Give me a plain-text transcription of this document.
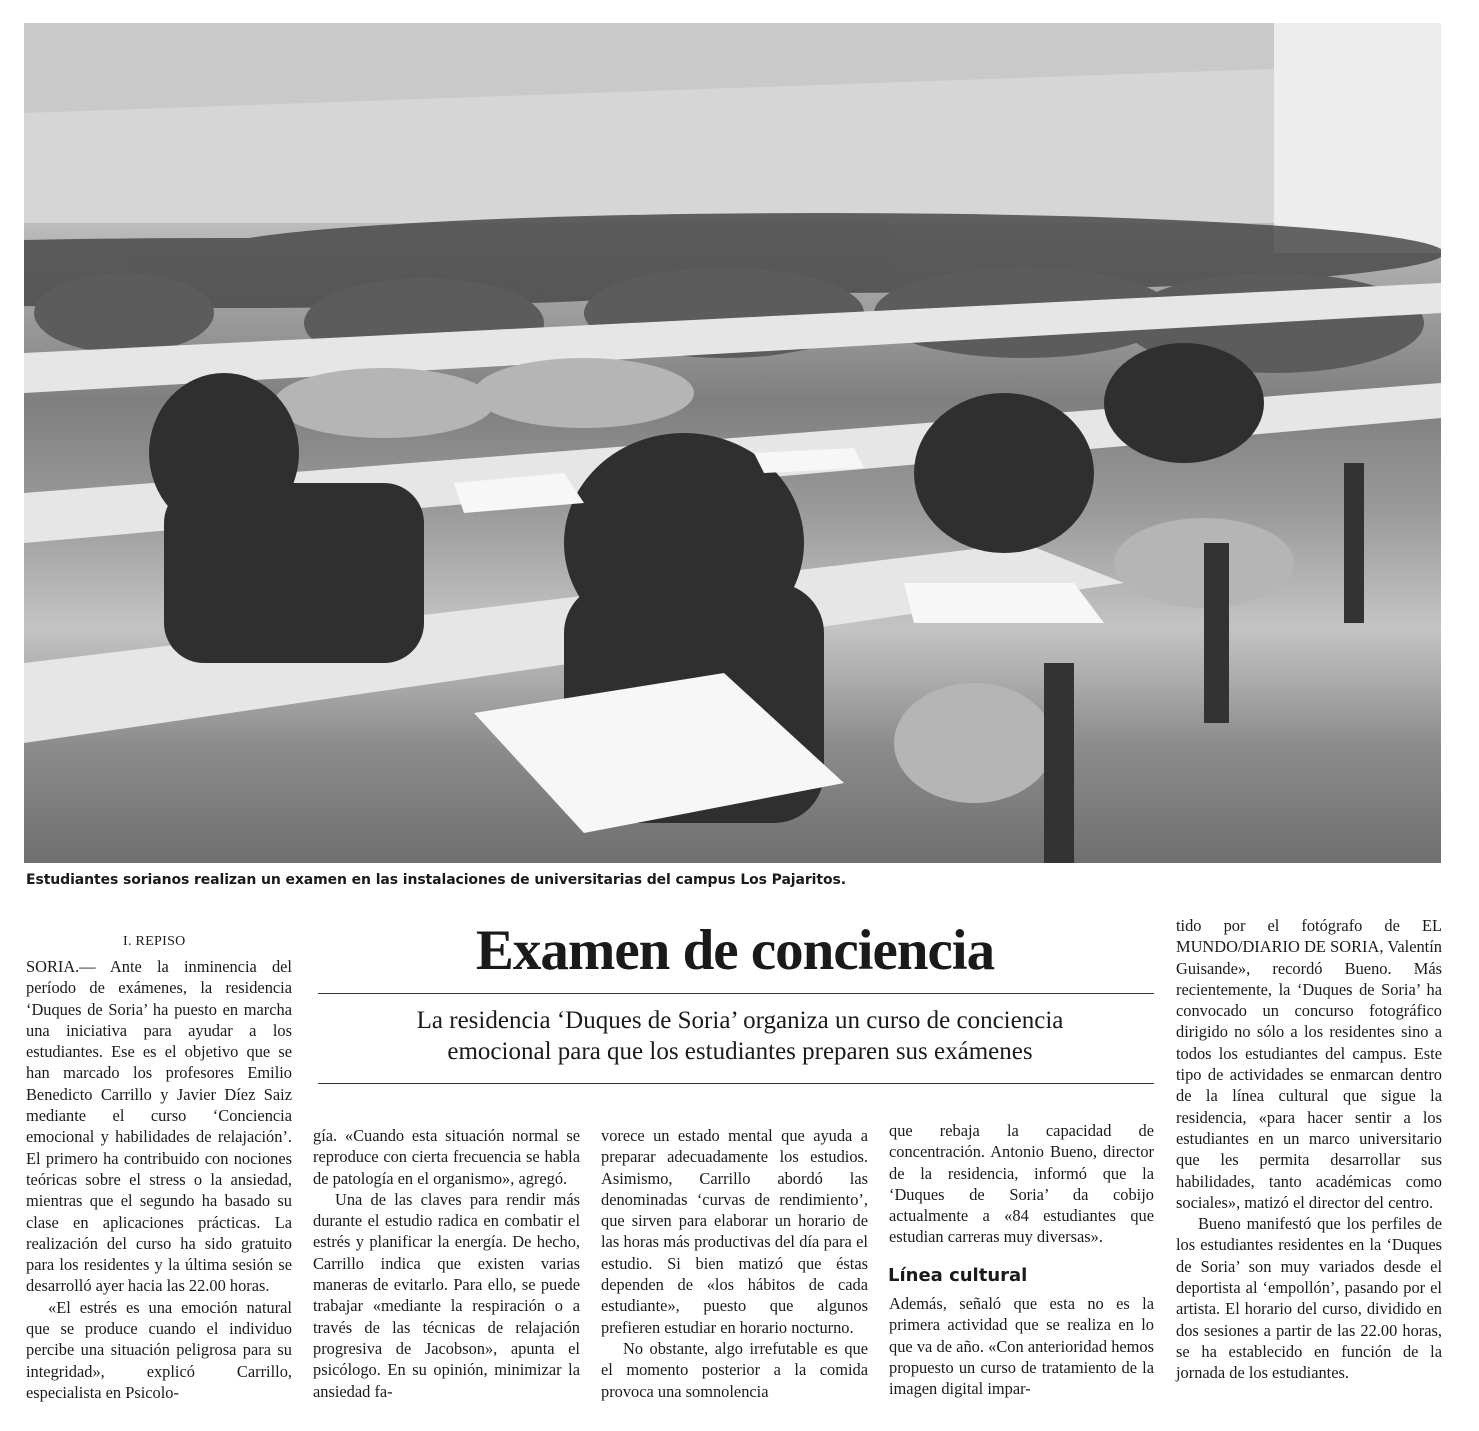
Estudiantes sorianos realizan un examen en las instalaciones de universitarias del campus Los Pajaritos.
I. REPISO	Examen de conciencia
La residencia ‘Duques de Soria’ organiza un curso de conciencia
emocional para que los estudiantes preparen sus exámenes

SORIA.— Ante la inminencia del período de exámenes, la residencia ‘Duques de Soria’ ha puesto en marcha una iniciativa para ayudar a los estudiantes. Ese es el objetivo que se han marcado los profesores Emilio Benedicto Carrillo y Javier Díez Saiz mediante el curso ‘Conciencia emocional y habilidades de relajación’. El primero ha contribuido con nociones teóricas sobre el stress o la ansiedad, mientras que el segundo ha basado su clase en aplicaciones prácticas. La realización del curso ha sido gratuito para los residentes y la última sesión se desarrolló ayer hacia las 22.00 horas.

«El estrés es una emoción natural que se produce cuando el individuo percibe una situación peligrosa para su integridad», explicó Carrillo, especialista en Psicolo-

gía. «Cuando esta situación normal se reproduce con cierta frecuencia se habla de patología en el organismo», agregó.

Una de las claves para rendir más durante el estudio radica en combatir el estrés y planificar la energía. De hecho, Carrillo indica que existen varias maneras de evitarlo. Para ello, se puede trabajar «mediante la respiración o a través de las técnicas de relajación progresiva de Jacobson», apunta el psicólogo. En su opinión, minimizar la ansiedad fa-

vorece un estado mental que ayuda a preparar adecuadamente los estudios. Asimismo, Carrillo abordó las denominadas ‘curvas de rendimiento’, que sirven para elaborar un horario de las horas más productivas del día para el estudio. Si bien matizó que éstas dependen de «los hábitos de cada estudiante», puesto que algunos prefieren estudiar en horario nocturno.

No obstante, algo irrefutable es que el momento posterior a la comida provoca una somnolencia

que rebaja la capacidad de concentración. Antonio Bueno, director de la residencia, informó que la ‘Duques de Soria’ da cobijo actualmente a «84 estudiantes que estudian carreras muy diversas».

Línea cultural

Además, señaló que esta no es la primera actividad que se realiza en lo que va de año. «Con anterioridad hemos propuesto un curso de tratamiento de la imagen digital impar-

tido por el fotógrafo de EL MUNDO/DIARIO DE SORIA, Valentín Guisande», recordó Bueno. Más recientemente, la ‘Duques de Soria’ ha convocado un concurso fotográfico dirigido no sólo a los residentes sino a todos los estudiantes del campus. Este tipo de actividades se enmarcan dentro de la línea cultural que sigue la residencia, «para hacer sentir a los estudiantes en un marco universitario que les permita desarrollar sus habilidades, tanto académicas como sociales», matizó el director del centro.

Bueno manifestó que los perfiles de los estudiantes residentes en la ‘Duques de Soria’ son muy variados desde el deportista al ‘empollón’, pasando por el artista. El horario del curso, dividido en dos sesiones a partir de las 22.00 horas, se ha establecido en función de la jornada de los estudiantes.
